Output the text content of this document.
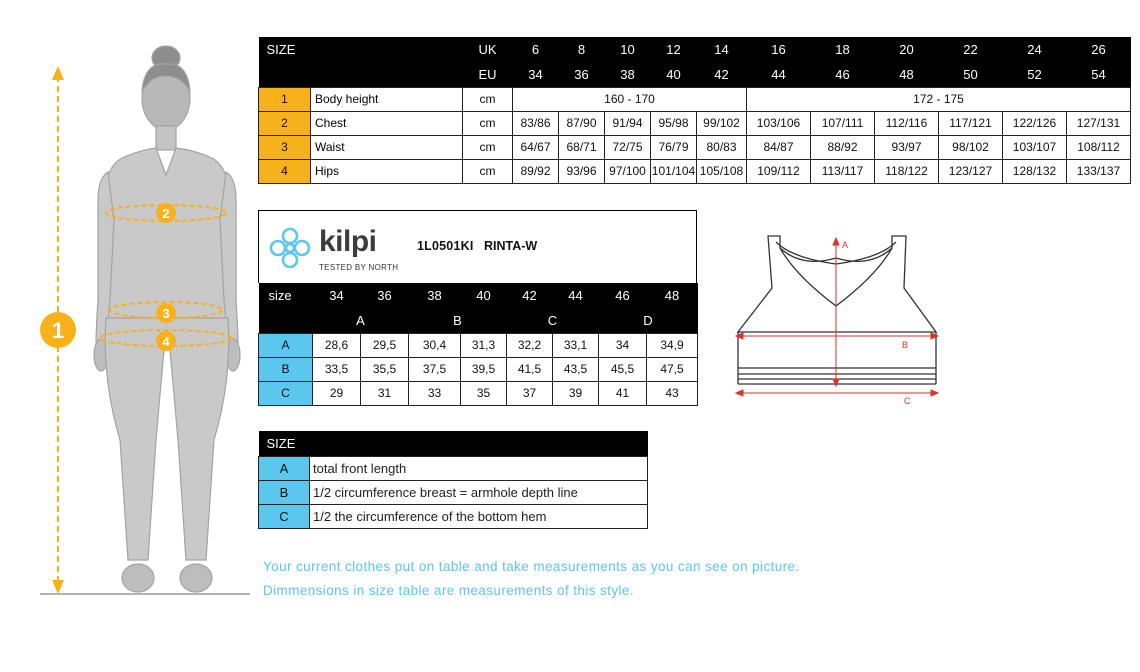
1
2
3
4
SIZE		UK	6	8	10	12	14	16	18	20	22	24	26
		EU	34	36	38	40	42	44	46	48	50	52	54
1	Body height	cm	160 - 170					172 - 175					
2	Chest	cm	83/86	87/90	91/94	95/98	99/102	103/106	107/111	112/116	117/121	122/126	127/131
3	Waist	cm	64/67	68/71	72/75	76/79	80/83	84/87	88/92	93/97	98/102	103/107	108/112
4	Hips	cm	89/92	93/96	97/100	101/104	105/108	109/112	113/117	118/122	123/127	128/132	133/137
kilpi
TESTED BY NORTH
1L0501KI RINTA-W
size	34	36	38	40	42	44	46	48
	A		B		C		D	
A	28,6	29,5	30,4	31,3	32,2	33,1	34	34,9
B	33,5	35,5	37,5	39,5	41,5	43,5	45,5	47,5
C	29	31	33	35	37	39	41	43
A
B
C
SIZE	
A	total front length
B	1/2 circumference breast = armhole depth line
C	1/2 the circumference of the bottom hem
Your current clothes put on table and take measurements as you can see on picture.
Dimmensions in size table are measurements of this style.
